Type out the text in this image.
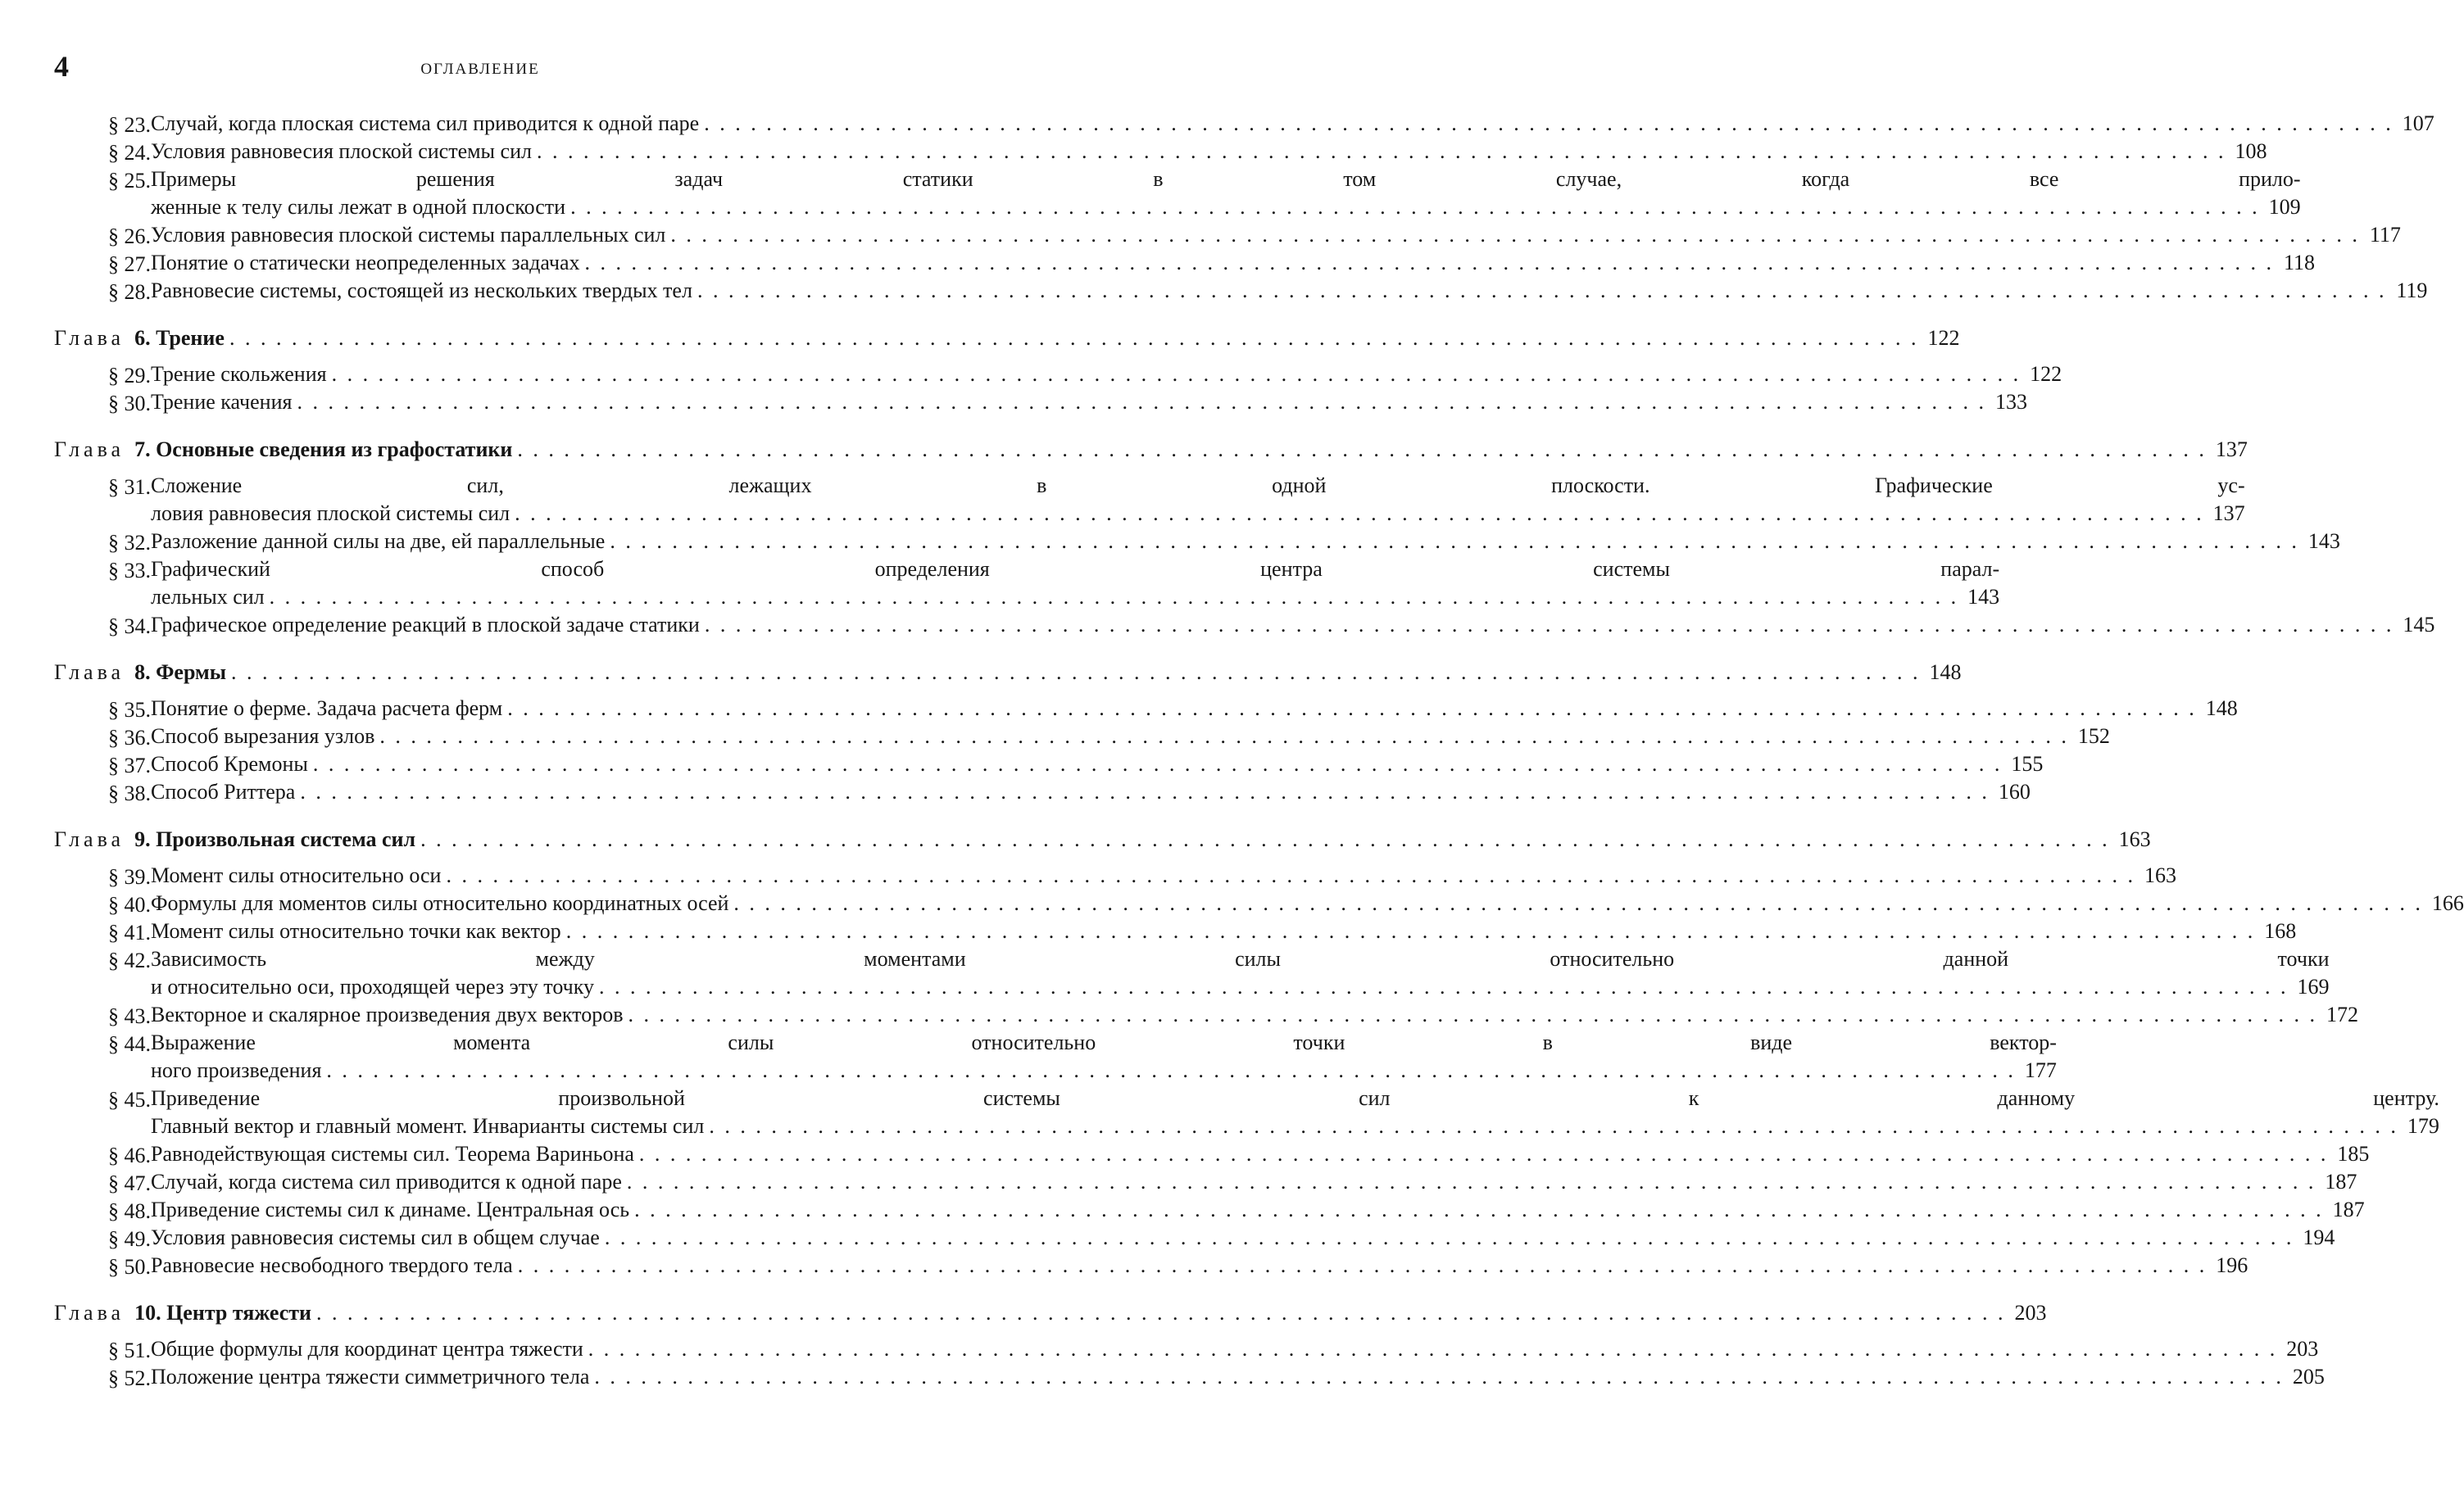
4	ОГЛАВЛЕНИЕ
§ 23. Случай, когда плоская система сил приводится к одной паре . . .	107
§ 24. Условия равновесия плоской системы сил . . .	108
§ 25. Примеры решения задач статики в том случае, когда все прило-
женные к телу силы лежат в одной плоскости . . .	109
§ 26. Условия равновесия плоской системы параллельных сил . . .	117
§ 27. Понятие о статически неопределенных задачах . . .	118
§ 28. Равновесие системы, состоящей из нескольких твердых тел . . .	119
Глава 6. Трение . . .	122
§ 29. Трение скольжения . . .	122
§ 30. Трение качения . . .	133
Глава 7. Основные сведения из графостатики . . .	137
§ 31. Сложение сил, лежащих в одной плоскости. Графические ус-
ловия равновесия плоской системы сил . . .	137
§ 32. Разложение данной силы на две, ей параллельные . . .	143
§ 33. Графический способ определения центра системы парал-
лельных сил . . .	143
§ 34. Графическое определение реакций в плоской задаче статики . . .	145
Глава 8. Фермы . . .	148
§ 35. Понятие о ферме. Задача расчета ферм . . .	148
§ 36. Способ вырезания узлов . . .	152
§ 37. Способ Кремоны . . .	155
§ 38. Способ Риттера . . .	160
Глава 9. Произвольная система сил . . .	163
§ 39. Момент силы относительно оси . . .	163
§ 40. Формулы для моментов силы относительно координатных осей . . .	166
§ 41. Момент силы относительно точки как вектор . . .	168
§ 42. Зависимость между моментами силы относительно данной точки
и относительно оси, проходящей через эту точку . . .	169
§ 43. Векторное и скалярное произведения двух векторов . . .	172
§ 44. Выражение момента силы относительно точки в виде вектор-
ного произведения . . .	177
§ 45. Приведение произвольной системы сил к данному центру.
Главный вектор и главный момент. Инварианты системы сил . . .	179
§ 46. Равнодействующая системы сил. Теорема Вариньона . . .	185
§ 47. Случай, когда система сил приводится к одной паре . . .	187
§ 48. Приведение системы сил к динаме. Центральная ось . . .	187
§ 49. Условия равновесия системы сил в общем случае . . .	194
§ 50. Равновесие несвободного твердого тела . . .	196
Глава 10. Центр тяжести . . .	203
§ 51. Общие формулы для координат центра тяжести . . .	203
§ 52. Положение центра тяжести симметричного тела . . .	205
